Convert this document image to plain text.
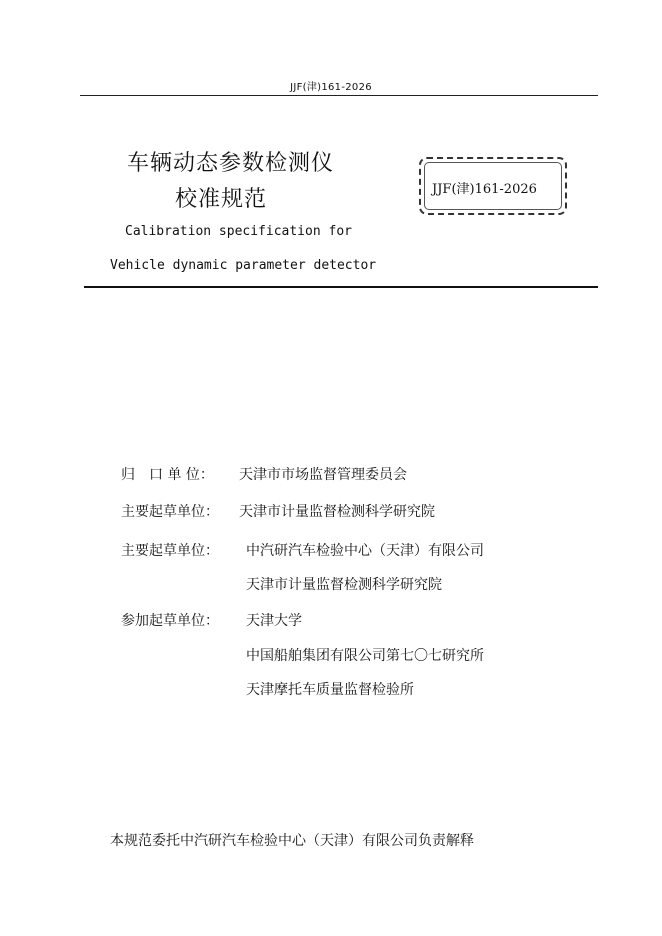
JJF(津)161-2026
车辆动态参数检测仪
校准规范	JJF(津)161-2026
Calibration specification for
Vehicle dynamic parameter detector
归　口 单 位： 天津市市场监督管理委员会
主要起草单位： 天津市计量监督检测科学研究院
主要起草单位： 中汽研汽车检验中心（天津）有限公司
天津市计量监督检测科学研究院
参加起草单位： 天津大学
中国船舶集团有限公司第七〇七研究所
天津摩托车质量监督检验所
本规范委托中汽研汽车检验中心（天津）有限公司负责解释
